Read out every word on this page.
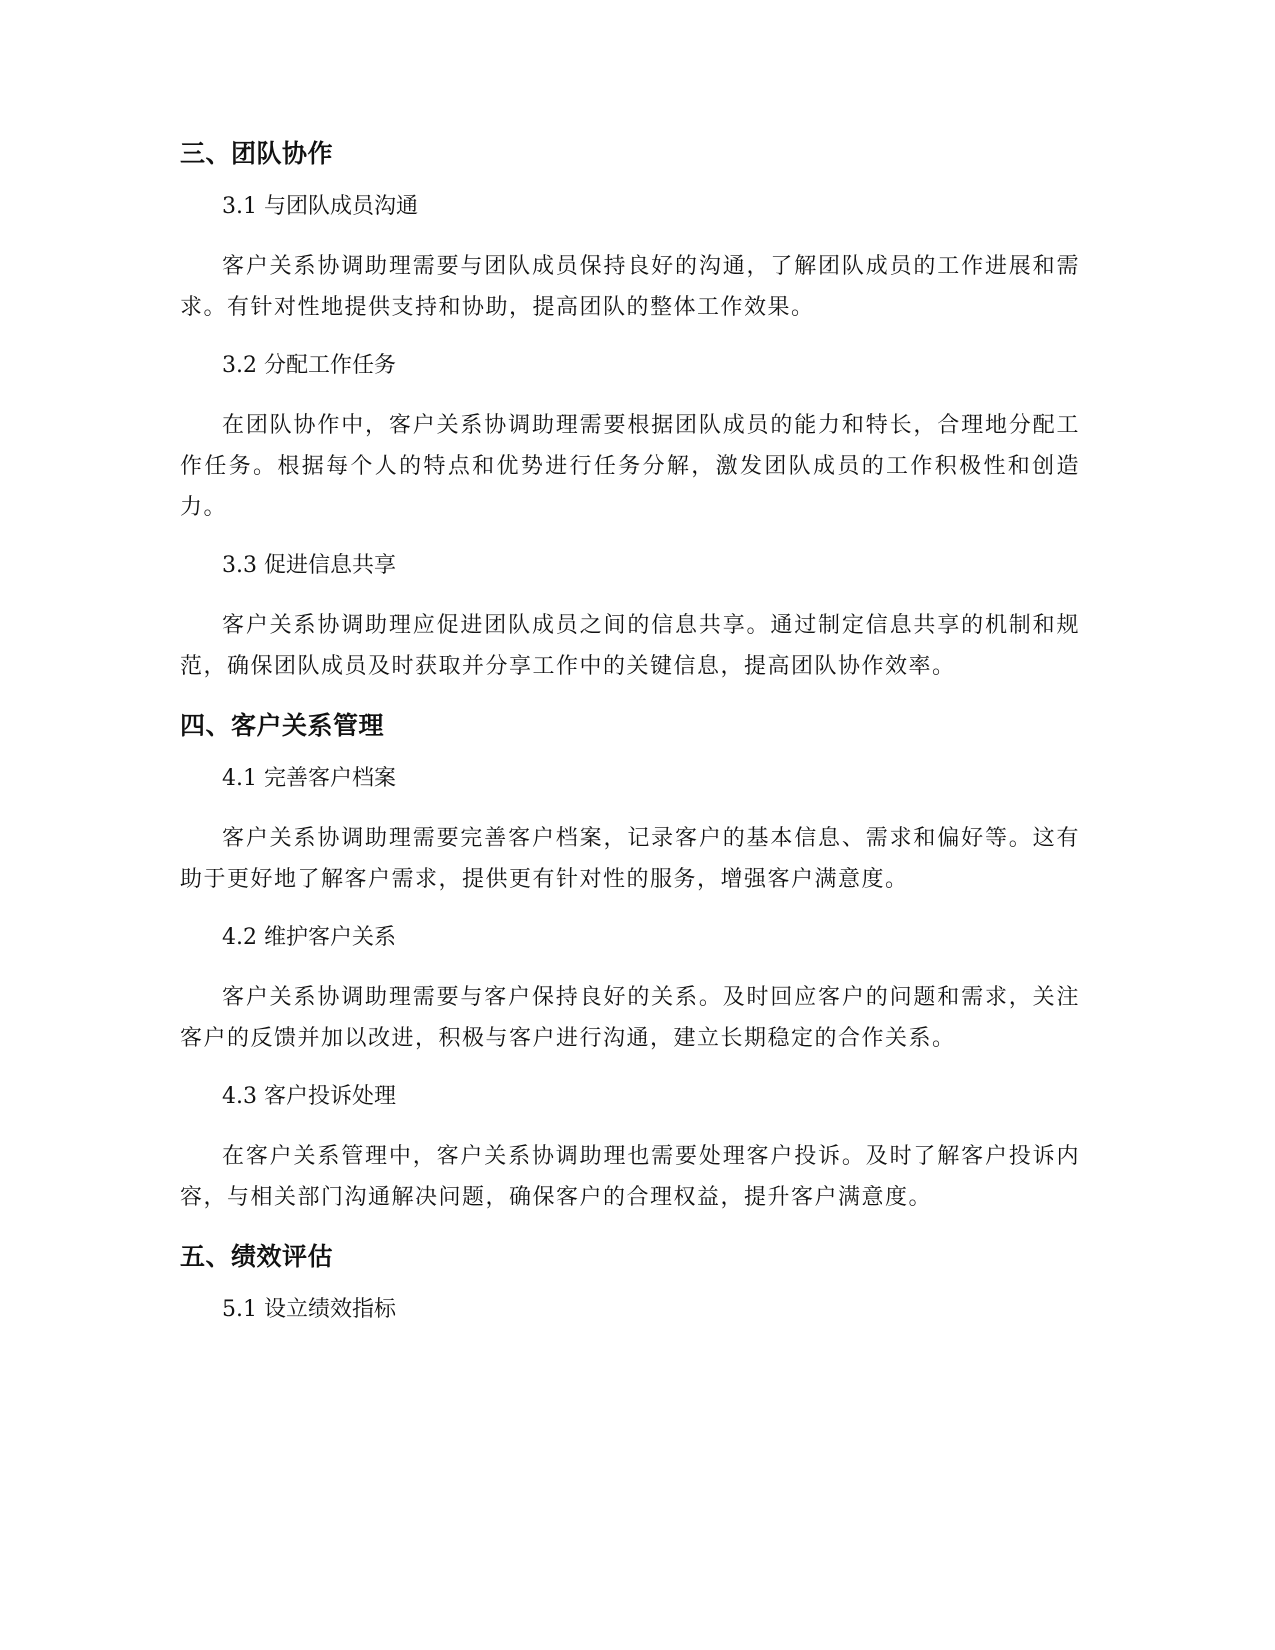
三、团队协作
3.1 与团队成员沟通
客户关系协调助理需要与团队成员保持良好的沟通，了解团队成员的工作进展和需求。有针对性地提供支持和协助，提高团队的整体工作效果。
3.2 分配工作任务
在团队协作中，客户关系协调助理需要根据团队成员的能力和特长，合理地分配工作任务。根据每个人的特点和优势进行任务分解，激发团队成员的工作积极性和创造力。
3.3 促进信息共享
客户关系协调助理应促进团队成员之间的信息共享。通过制定信息共享的机制和规范，确保团队成员及时获取并分享工作中的关键信息，提高团队协作效率。
四、客户关系管理
4.1 完善客户档案
客户关系协调助理需要完善客户档案，记录客户的基本信息、需求和偏好等。这有助于更好地了解客户需求，提供更有针对性的服务，增强客户满意度。
4.2 维护客户关系
客户关系协调助理需要与客户保持良好的关系。及时回应客户的问题和需求，关注客户的反馈并加以改进，积极与客户进行沟通，建立长期稳定的合作关系。
4.3 客户投诉处理
在客户关系管理中，客户关系协调助理也需要处理客户投诉。及时了解客户投诉内容，与相关部门沟通解决问题，确保客户的合理权益，提升客户满意度。
五、绩效评估
5.1 设立绩效指标
